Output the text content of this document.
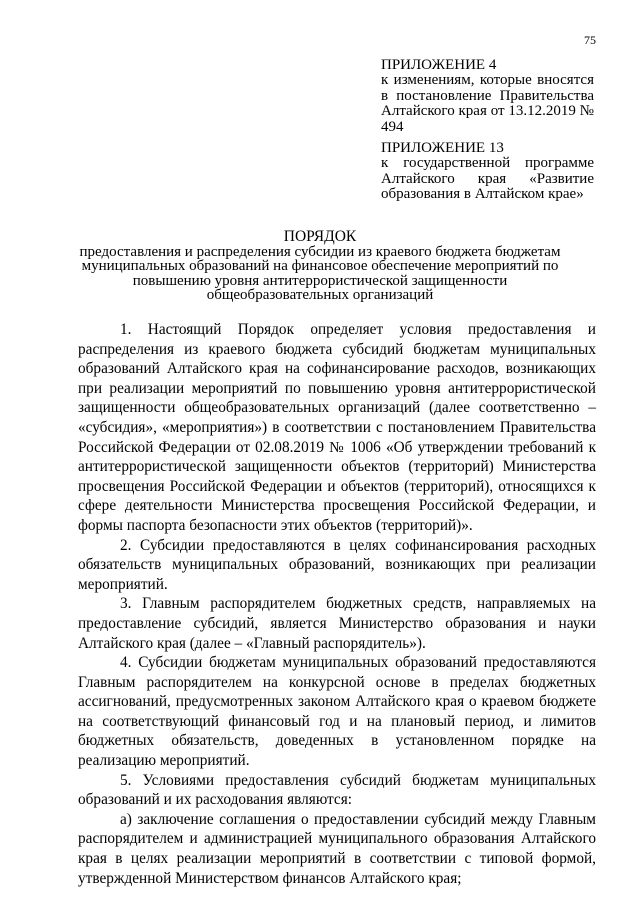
75
ПРИЛОЖЕНИЕ 4
к изменениям, которые вносятся в постановление Правительства Алтайского края от 13.12.2019 № 494
ПРИЛОЖЕНИЕ 13
к государственной программе Алтайского края «Развитие образования в Алтайском крае»
ПОРЯДОК
предоставления и распределения субсидии из краевого бюджета бюджетам муниципальных образований на финансовое обеспечение мероприятий по повышению уровня антитеррористической защищенности общеобразовательных организаций

1. Настоящий Порядок определяет условия предоставления и распределения из краевого бюджета субсидий бюджетам муниципальных образований Алтайского края на софинансирование расходов, возникающих при реализации мероприятий по повышению уровня антитеррористической защищенности общеобразовательных организаций (далее соответственно – «субсидия», «мероприятия») в соответствии с постановлением Правительства Российской Федерации от 02.08.2019 № 1006 «Об утверждении требований к антитеррористической защищенности объектов (территорий) Министерства просвещения Российской Федерации и объектов (территорий), относящихся к сфере деятельности Министерства просвещения Российской Федерации, и формы паспорта безопасности этих объектов (территорий)».

2. Субсидии предоставляются в целях софинансирования расходных обязательств муниципальных образований, возникающих при реализации мероприятий.

3. Главным распорядителем бюджетных средств, направляемых на предоставление субсидий, является Министерство образования и науки Алтайского края (далее – «Главный распорядитель»).

4. Субсидии бюджетам муниципальных образований предоставляются Главным распорядителем на конкурсной основе в пределах бюджетных ассигнований, предусмотренных законом Алтайского края о краевом бюджете на соответствующий финансовый год и на плановый период, и лимитов бюджетных обязательств, доведенных в установленном порядке на реализацию мероприятий.

5. Условиями предоставления субсидий бюджетам муниципальных образований и их расходования являются:

а) заключение соглашения о предоставлении субсидий между Главным распорядителем и администрацией муниципального образования Алтайского края в целях реализации мероприятий в соответствии с типовой формой, утвержденной Министерством финансов Алтайского края;
